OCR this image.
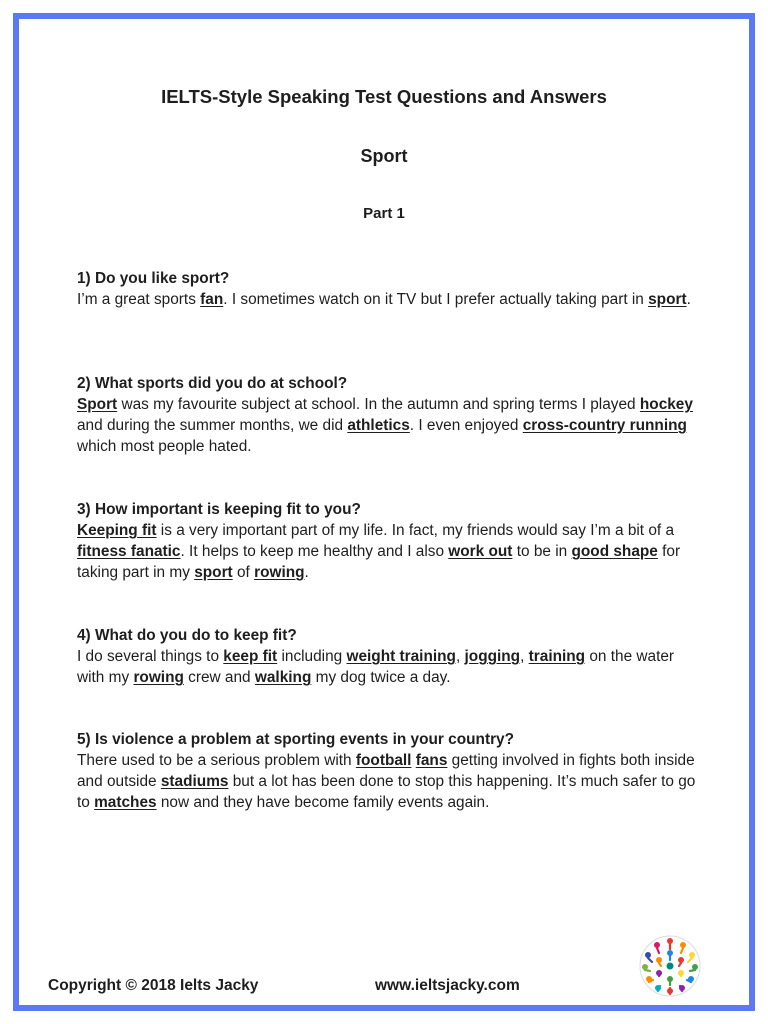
IELTS-Style Speaking Test Questions and Answers
Sport
Part 1

1) Do you like sport?

I’m a great sports fan. I sometimes watch on it TV but I prefer actually taking part in sport.

2) What sports did you do at school?

Sport was my favourite subject at school. In the autumn and spring terms I played hockey and during the summer months, we did athletics. I even enjoyed cross-country running which most people hated.

3) How important is keeping fit to you?

Keeping fit is a very important part of my life. In fact, my friends would say I’m a bit of a fitness fanatic. It helps to keep me healthy and I also work out to be in good shape for taking part in my sport of rowing.

4) What do you do to keep fit?

I do several things to keep fit including weight training, jogging, training on the water with my rowing crew and walking my dog twice a day.

5) Is violence a problem at sporting events in your country?

There used to be a serious problem with football fans getting involved in fights both inside and outside stadiums but a lot has been done to stop this happening. It’s much safer to go to matches now and they have become family events again.

Copyright © 2018 Ielts Jacky	www.ieltsjacky.com
